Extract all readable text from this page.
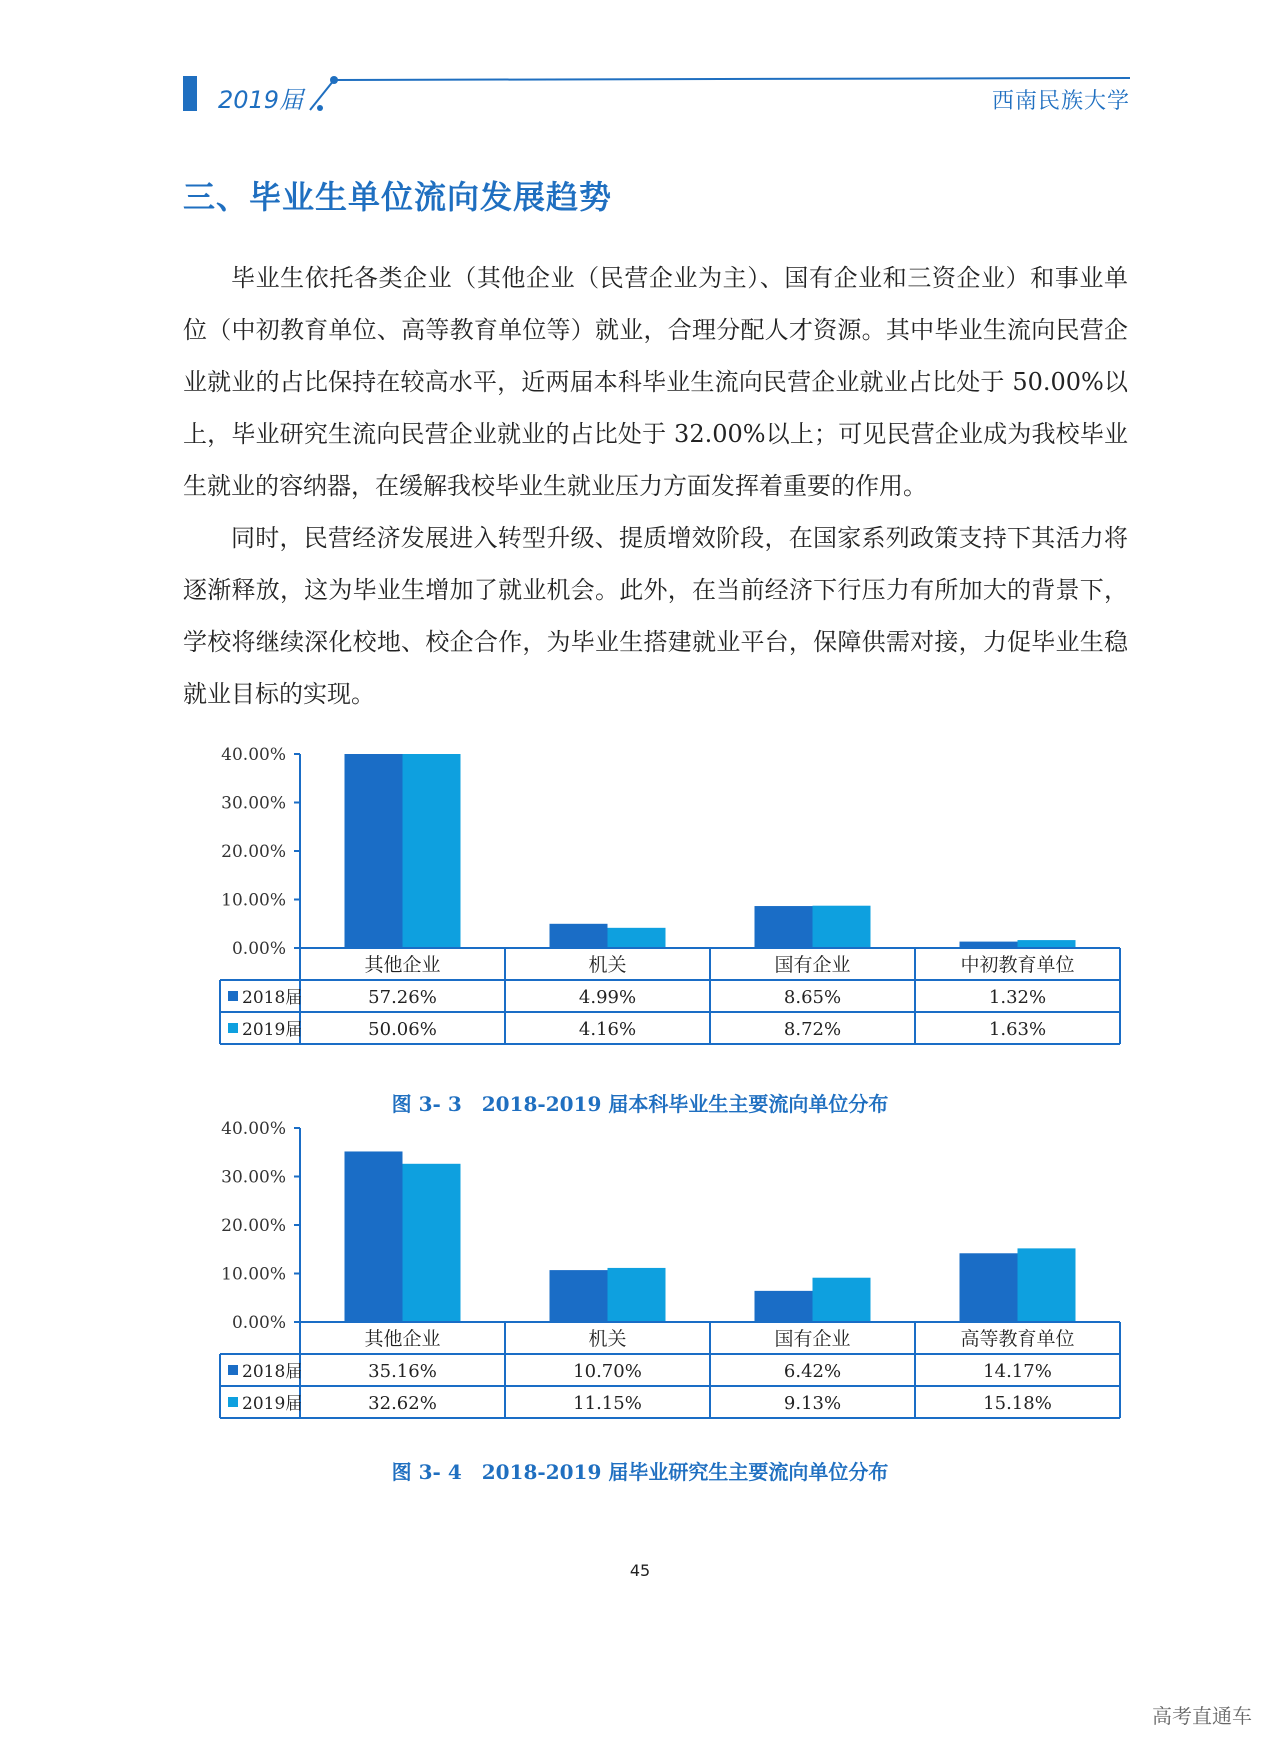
2019届	西南民族大学
三、毕业生单位流向发展趋势

毕业生依托各类企业（其他企业（民营企业为主）、国有企业和三资企业）和事业单位（中初教育单位、高等教育单位等）就业，合理分配人才资源。其中毕业生流向民营企业就业的占比保持在较高水平，近两届本科毕业生流向民营企业就业占比处于 50.00%以上，毕业研究生流向民营企业就业的占比处于 32.00%以上；可见民营企业成为我校毕业生就业的容纳器，在缓解我校毕业生就业压力方面发挥着重要的作用。

同时，民营经济发展进入转型升级、提质增效阶段，在国家系列政策支持下其活力将逐渐释放，这为毕业生增加了就业机会。此外，在当前经济下行压力有所加大的背景下，学校将继续深化校地、校企合作，为毕业生搭建就业平台，保障供需对接，力促毕业生稳就业目标的实现。

0.00%
10.00%
20.00%
30.00%
40.00%
其他企业	机关	国有企业	中初教育单位
2018届	57.26%	4.99%	8.65%	1.32%
2019届	50.06%	4.16%	8.72%	1.63%
图 3- 3　2018-2019 届本科毕业生主要流向单位分布
0.00%
10.00%
20.00%
30.00%
40.00%
其他企业	机关	国有企业	高等教育单位
2018届	35.16%	10.70%	6.42%	14.17%
2019届	32.62%	11.15%	9.13%	15.18%
图 3- 4　2018-2019 届毕业研究生主要流向单位分布
45
高考直通车
